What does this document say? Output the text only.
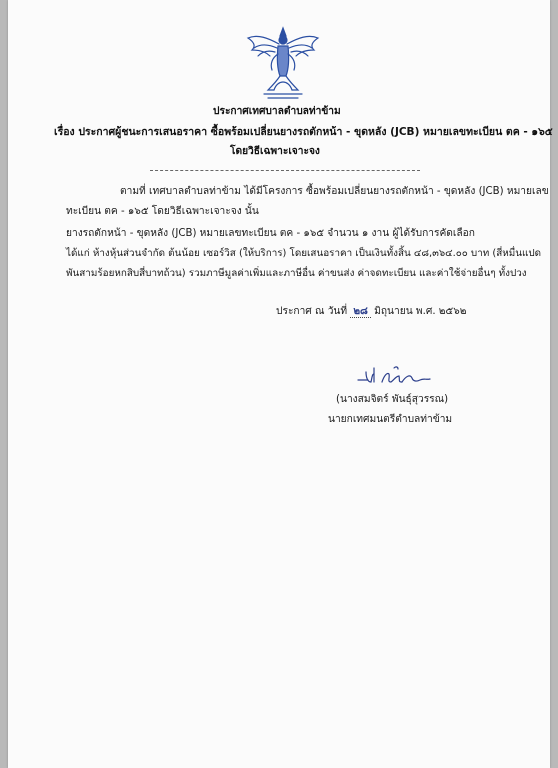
ประกาศเทศบาลตำบลท่าข้าม
เรื่อง ประกาศผู้ชนะการเสนอราคา ซื้อพร้อมเปลี่ยนยางรถตักหน้า - ขุดหลัง (JCB) หมายเลขทะเบียน ตค - ๑๖๕
โดยวิธีเฉพาะเจาะจง
ตามที่ เทศบาลตำบลท่าข้าม ได้มีโครงการ ซื้อพร้อมเปลี่ยนยางรถตักหน้า - ขุดหลัง (JCB) หมายเลข
ทะเบียน ตค - ๑๖๕ โดยวิธีเฉพาะเจาะจง นั้น
ยางรถตักหน้า - ขุดหลัง (JCB) หมายเลขทะเบียน ตค - ๑๖๕ จำนวน ๑ งาน ผู้ได้รับการคัดเลือก
ได้แก่ ห้างหุ้นส่วนจำกัด ต้นน้อย เซอร์วิส (ให้บริการ) โดยเสนอราคา เป็นเงินทั้งสิ้น ๔๘,๓๖๔.๐๐ บาท (สี่หมื่นแปด
พันสามร้อยหกสิบสี่บาทถ้วน) รวมภาษีมูลค่าเพิ่มและภาษีอื่น ค่าขนส่ง ค่าจดทะเบียน และค่าใช้จ่ายอื่นๆ ทั้งปวง
ประกาศ ณ วันที่ ๒๘ มิถุนายน พ.ศ. ๒๕๖๒
(นางสมจิตร์ พันธุ์สุวรรณ)
นายกเทศมนตรีตำบลท่าข้าม
